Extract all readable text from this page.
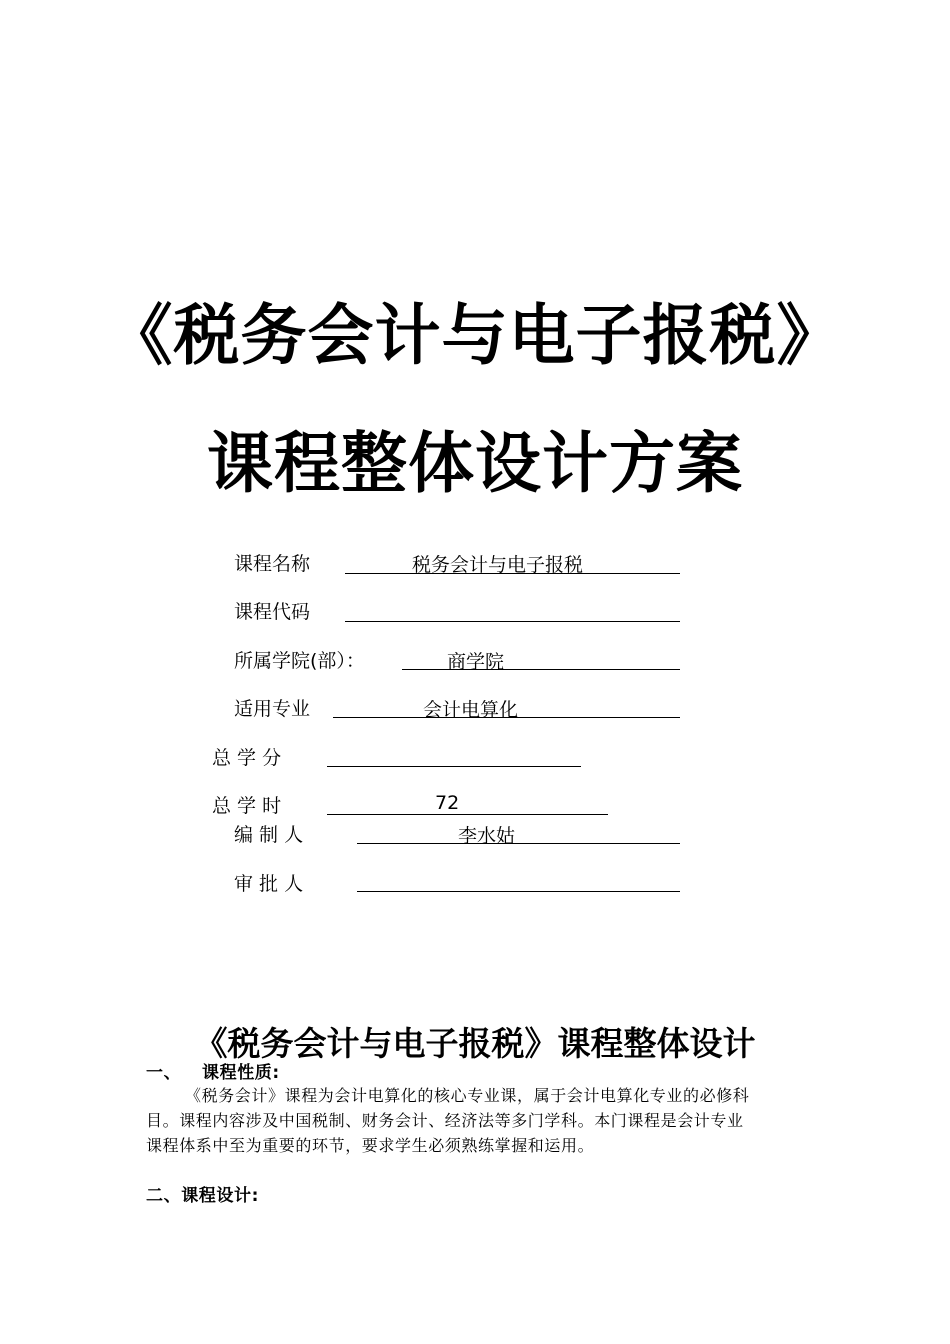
《税务会计与电子报税》
课程整体设计方案
课程名称	税务会计与电子报税
课程代码
所属学院(部）：	商学院
适用专业	会计电算化
总 学 分
总 学 时	72
编 制 人	李水姑
审 批 人
《税务会计与电子报税》课程整体设计
一、 课程性质:
《税务会计》课程为会计电算化的核心专业课，属于会计电算化专业的必修科
目。课程内容涉及中国税制、财务会计、经济法等多门学科。本门课程是会计专业
课程体系中至为重要的环节，要求学生必须熟练掌握和运用。
二、课程设计:
